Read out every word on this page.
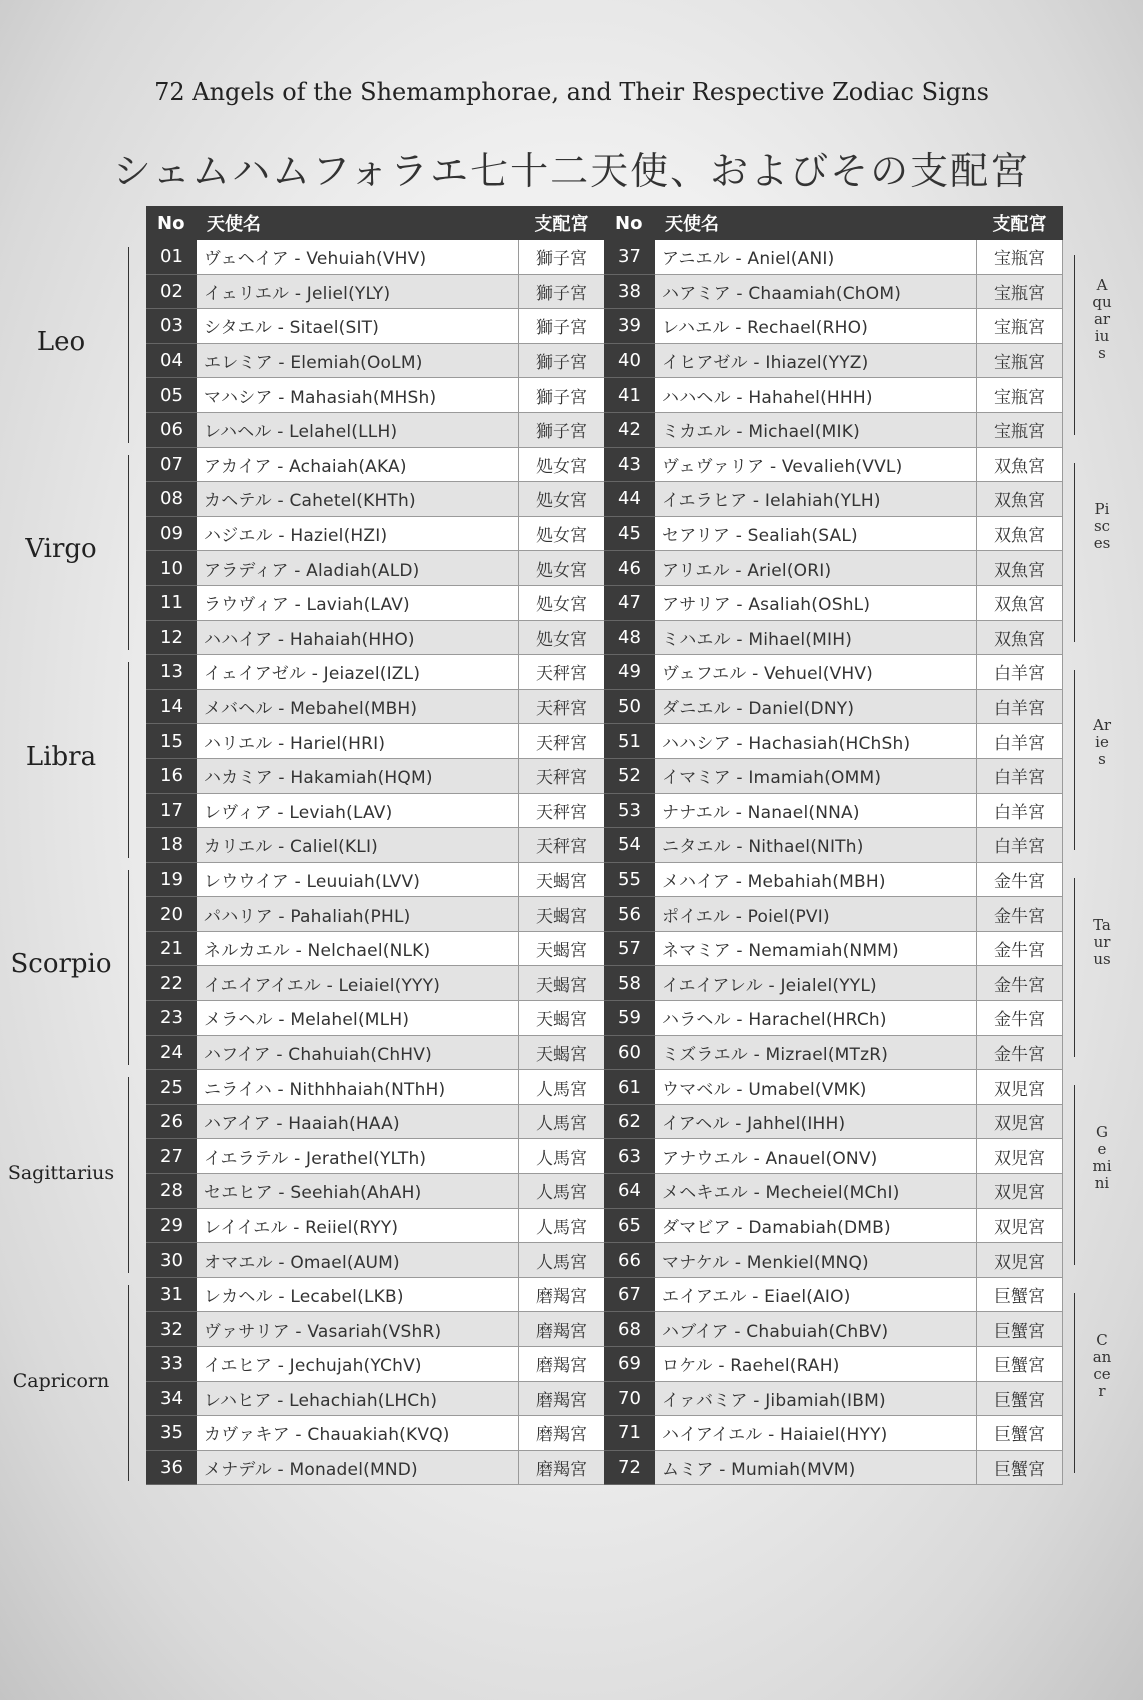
72 Angels of the Shemamphorae, and Their Respective Zodiac Signs
シェムハムフォラエ七十二天使、およびその支配宮
No	天使名	支配宮
01	ヴェヘイア - Vehuiah(VHV)	獅子宮
02	イェリエル - Jeliel(YLY)	獅子宮
03	シタエル - Sitael(SIT)	獅子宮
04	エレミア - Elemiah(OoLM)	獅子宮
05	マハシア - Mahasiah(MHSh)	獅子宮
06	レハヘル - Lelahel(LLH)	獅子宮
07	アカイア - Achaiah(AKA)	処女宮
08	カヘテル - Cahetel(KHTh)	処女宮
09	ハジエル - Haziel(HZI)	処女宮
10	アラディア - Aladiah(ALD)	処女宮
11	ラウヴィア - Laviah(LAV)	処女宮
12	ハハイア - Hahaiah(HHO)	処女宮
13	イェイアゼル - Jeiazel(IZL)	天秤宮
14	メバヘル - Mebahel(MBH)	天秤宮
15	ハリエル - Hariel(HRI)	天秤宮
16	ハカミア - Hakamiah(HQM)	天秤宮
17	レヴィア - Leviah(LAV)	天秤宮
18	カリエル - Caliel(KLI)	天秤宮
19	レウウイア - Leuuiah(LVV)	天蝎宮
20	パハリア - Pahaliah(PHL)	天蝎宮
21	ネルカエル - Nelchael(NLK)	天蝎宮
22	イエイアイエル - Leiaiel(YYY)	天蝎宮
23	メラヘル - Melahel(MLH)	天蝎宮
24	ハフイア - Chahuiah(ChHV)	天蝎宮
25	ニライハ - Nithhhaiah(NThH)	人馬宮
26	ハアイア - Haaiah(HAA)	人馬宮
27	イエラテル - Jerathel(YLTh)	人馬宮
28	セエヒア - Seehiah(AhAH)	人馬宮
29	レイイエル - Reiiel(RYY)	人馬宮
30	オマエル - Omael(AUM)	人馬宮
31	レカヘル - Lecabel(LKB)	磨羯宮
32	ヴァサリア - Vasariah(VShR)	磨羯宮
33	イエヒア - Jechujah(YChV)	磨羯宮
34	レハヒア - Lehachiah(LHCh)	磨羯宮
35	カヴァキア - Chauakiah(KVQ)	磨羯宮
36	メナデル - Monadel(MND)	磨羯宮
No	天使名	支配宮
37	アニエル - Aniel(ANI)	宝瓶宮
38	ハアミア - Chaamiah(ChOM)	宝瓶宮
39	レハエル - Rechael(RHO)	宝瓶宮
40	イヒアゼル - Ihiazel(YYZ)	宝瓶宮
41	ハハヘル - Hahahel(HHH)	宝瓶宮
42	ミカエル - Michael(MIK)	宝瓶宮
43	ヴェヴァリア - Vevalieh(VVL)	双魚宮
44	イエラヒア - Ielahiah(YLH)	双魚宮
45	セアリア - Sealiah(SAL)	双魚宮
46	アリエル - Ariel(ORI)	双魚宮
47	アサリア - Asaliah(OShL)	双魚宮
48	ミハエル - Mihael(MIH)	双魚宮
49	ヴェフエル - Vehuel(VHV)	白羊宮
50	ダニエル - Daniel(DNY)	白羊宮
51	ハハシア - Hachasiah(HChSh)	白羊宮
52	イマミア - Imamiah(OMM)	白羊宮
53	ナナエル - Nanael(NNA)	白羊宮
54	ニタエル - Nithael(NITh)	白羊宮
55	メハイア - Mebahiah(MBH)	金牛宮
56	ポイエル - Poiel(PVI)	金牛宮
57	ネマミア - Nemamiah(NMM)	金牛宮
58	イエイアレル - Jeialel(YYL)	金牛宮
59	ハラヘル - Harachel(HRCh)	金牛宮
60	ミズラエル - Mizrael(MTzR)	金牛宮
61	ウマベル - Umabel(VMK)	双児宮
62	イアヘル - Jahhel(IHH)	双児宮
63	アナウエル - Anauel(ONV)	双児宮
64	メヘキエル - Mecheiel(MChI)	双児宮
65	ダマビア - Damabiah(DMB)	双児宮
66	マナケル - Menkiel(MNQ)	双児宮
67	エイアエル - Eiael(AIO)	巨蟹宮
68	ハブイア - Chabuiah(ChBV)	巨蟹宮
69	ロケル - Raehel(RAH)	巨蟹宮
70	イァバミア - Jibamiah(IBM)	巨蟹宮
71	ハイアイエル - Haiaiel(HYY)	巨蟹宮
72	ムミア - Mumiah(MVM)	巨蟹宮
Leo
Virgo
Libra
Scorpio
Sagittarius
Capricorn
Aquarius
Pisces
Aries
Taurus
Gemini
Cancer
